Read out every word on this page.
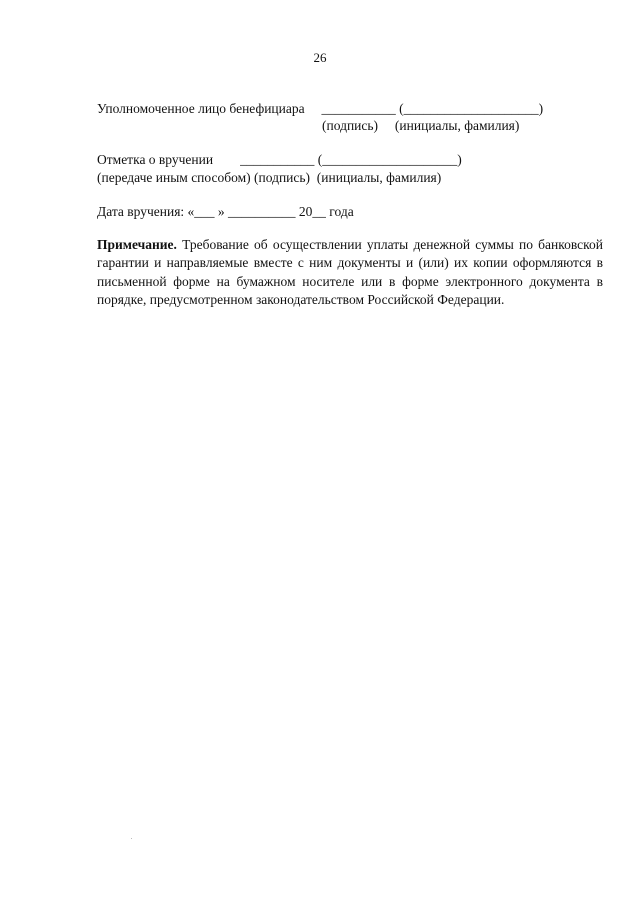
26
Уполномоченное лицо бенефициара     ___________ (____________________)
(подпись)     (инициалы, фамилия)
Отметка о вручении        ___________ (____________________)
(передаче иным способом) (подпись)  (инициалы, фамилия)
Дата вручения: «___ » __________ 20__ года
Примечание. Требование об осуществлении уплаты денежной суммы по банковской гарантии и направляемые вместе с ним документы и (или) их копии оформляются в письменной форме на бумажном носителе или в форме электронного документа в порядке, предусмотренном законодательством Российской Федерации.
